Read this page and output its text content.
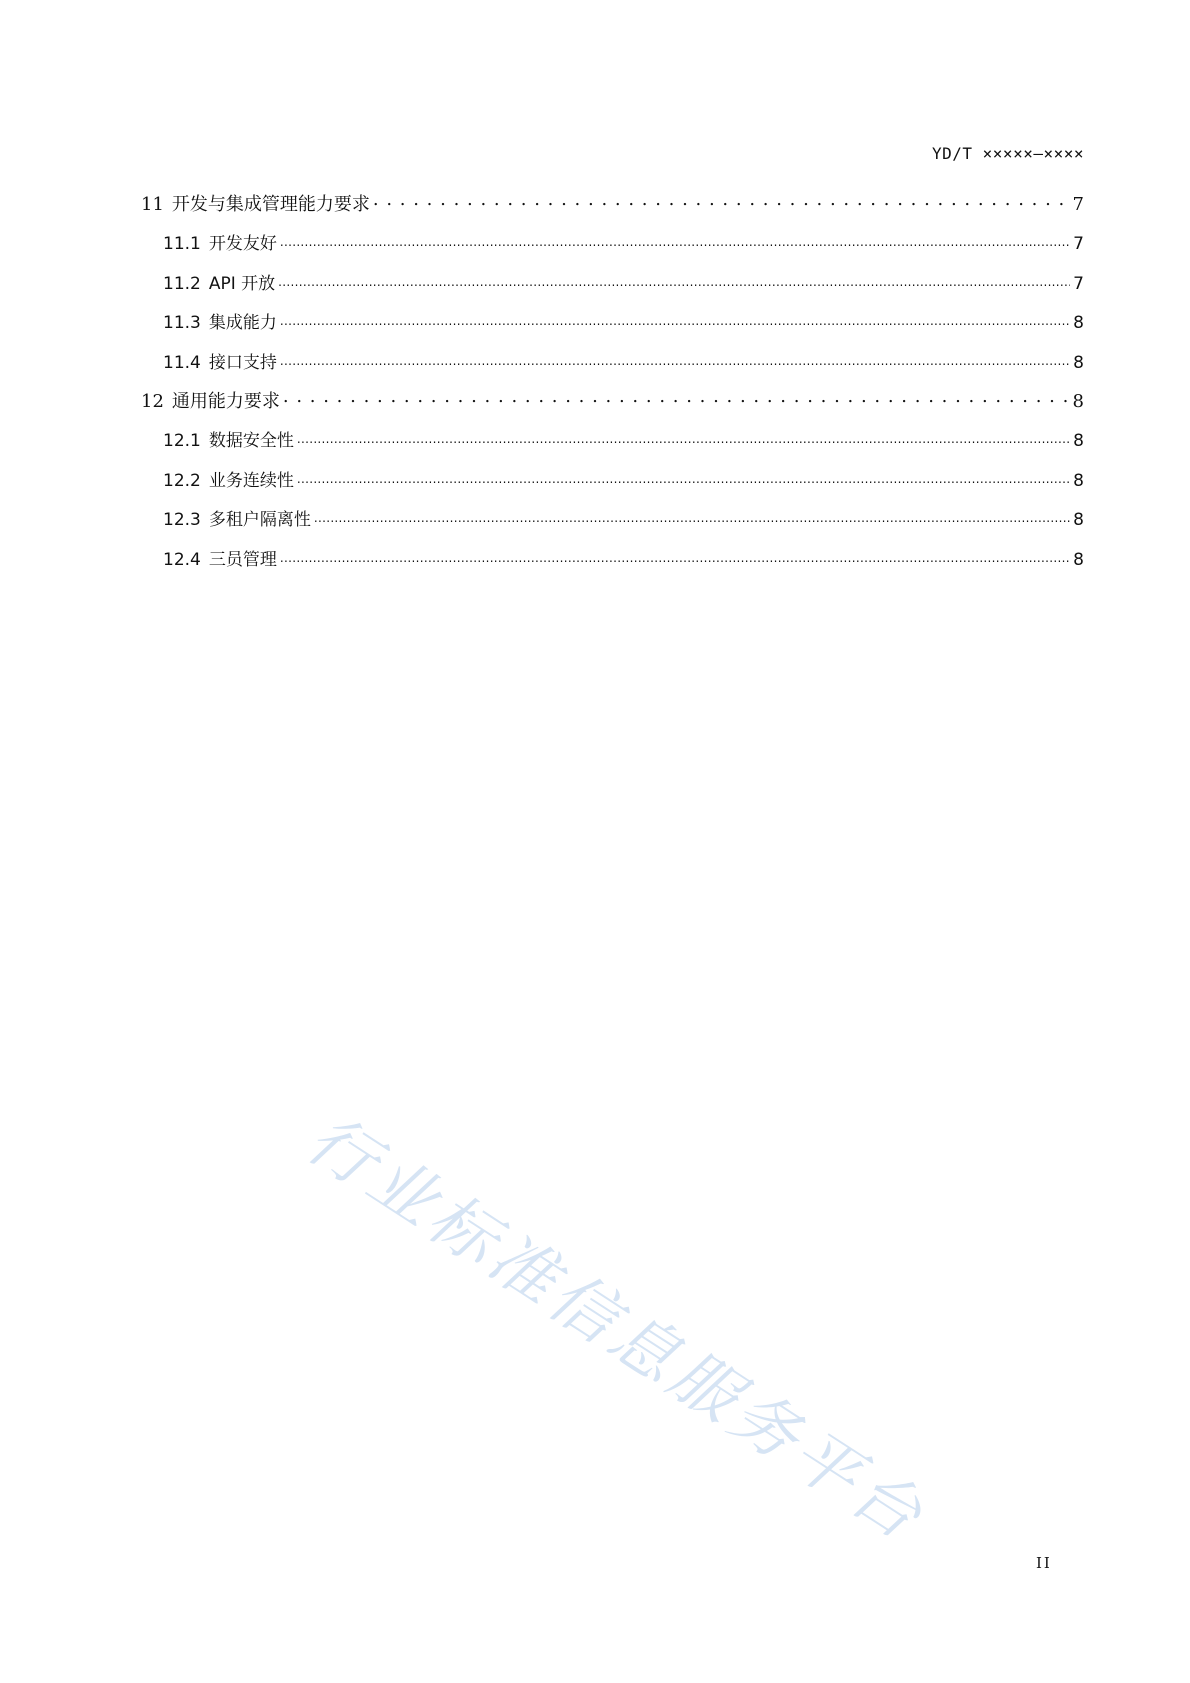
YD/T ×××××—××××
11 开发与集成管理能力要求 . . .	7
11.1 开发友好 .....	7
11.2 API 开放 .....	7
11.3 集成能力 .....	8
11.4 接口支持 .....	8
12 通用能力要求 . . .	8
12.1 数据安全性 .....	8
12.2 业务连续性 .....	8
12.3 多租户隔离性 .....	8
12.4 三员管理 .....	8
行业标准信息服务平台
II
